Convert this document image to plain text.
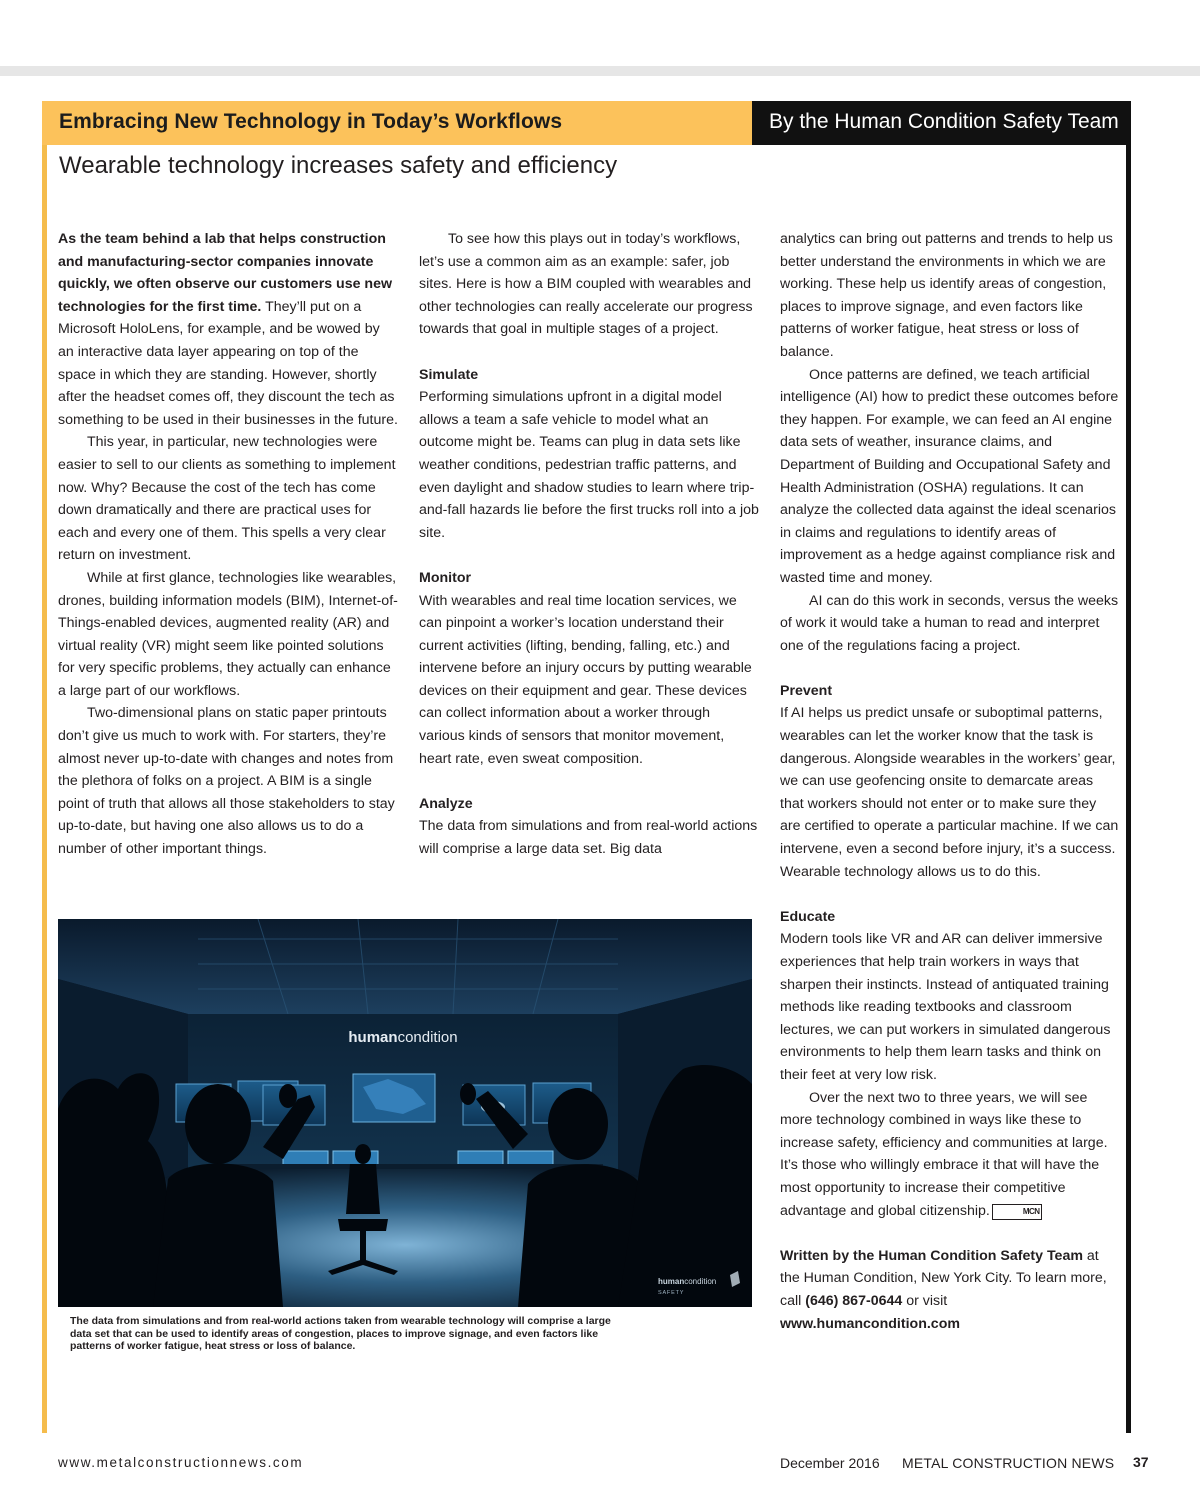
Embracing New Technology in Today’s Workflows	By the Human Condition Safety Team
Wearable technology increases safety and efficiency

As the team behind a lab that helps construction and manufacturing-sector companies innovate quickly, we often observe our customers use new technologies for the first time. They’ll put on a Microsoft HoloLens, for example, and be wowed by an interactive data layer appearing on top of the space in which they are standing. However, shortly after the headset comes off, they discount the tech as something to be used in their businesses in the future.

This year, in particular, new technologies were easier to sell to our clients as something to implement now. Why? Because the cost of the tech has come down dramatically and there are practical uses for each and every one of them. This spells a very clear return on investment.

While at first glance, technologies like wearables, drones, building information models (BIM), Internet-of-Things-enabled devices, augmented reality (AR) and virtual reality (VR) might seem like pointed solutions for very specific problems, they actually can enhance a large part of our workflows.

Two-dimensional plans on static paper printouts don’t give us much to work with. For starters, they’re almost never up-to-date with changes and notes from the plethora of folks on a project. A BIM is a single point of truth that allows all those stakeholders to stay up-to-date, but having one also allows us to do a number of other important things.

To see how this plays out in today’s workflows, let’s use a common aim as an example: safer, job sites. Here is how a BIM coupled with wearables and other technologies can really accelerate our progress towards that goal in multiple stages of a project.

Simulate

Performing simulations upfront in a digital model allows a team a safe vehicle to model what an outcome might be. Teams can plug in data sets like weather conditions, pedestrian traffic patterns, and even daylight and shadow studies to learn where trip-and-fall hazards lie before the first trucks roll into a job site.

Monitor

With wearables and real time location services, we can pinpoint a worker’s location understand their current activities (lifting, bending, falling, etc.) and intervene before an injury occurs by putting wearable devices on their equipment and gear. These devices can collect information about a worker through various kinds of sensors that monitor movement, heart rate, even sweat composition.

Analyze

The data from simulations and from real-world actions will comprise a large data set. Big data

analytics can bring out patterns and trends to help us better understand the environments in which we are working. These help us identify areas of congestion, places to improve signage, and even factors like patterns of worker fatigue, heat stress or loss of balance.

Once patterns are defined, we teach artificial intelligence (AI) how to predict these outcomes before they happen. For example, we can feed an AI engine data sets of weather, insurance claims, and Department of Building and Occupational Safety and Health Administration (OSHA) regulations. It can analyze the collected data against the ideal scenarios in claims and regulations to identify areas of improvement as a hedge against compliance risk and wasted time and money.

AI can do this work in seconds, versus the weeks of work it would take a human to read and interpret one of the regulations facing a project.

Prevent

If AI helps us predict unsafe or suboptimal patterns, wearables can let the worker know that the task is dangerous. Alongside wearables in the workers’ gear, we can use geofencing onsite to demarcate areas that workers should not enter or to make sure they are certified to operate a particular machine. If we can intervene, even a second before injury, it’s a success. Wearable technology allows us to do this.

Educate

Modern tools like VR and AR can deliver immersive experiences that help train workers in ways that sharpen their instincts. Instead of antiquated training methods like reading textbooks and classroom lectures, we can put workers in simulated dangerous environments to help them learn tasks and think on their feet at very low risk.

Over the next two to three years, we will see more technology combined in ways like these to increase safety, efficiency and communities at large. It’s those who willingly embrace it that will have the most opportunity to increase their competitive advantage and global citizenship.	MCN

Written by the Human Condition Safety Team at the Human Condition, New York City. To learn more, call (646) 867-0644 or visit www.humancondition.com

humancondition
humancondition
SAFETY
The data from simulations and from real-world actions taken from wearable technology will comprise a large data set that can be used to identify areas of congestion, places to improve signage, and even factors like patterns of worker fatigue, heat stress or loss of balance.
www.metalconstructionnews.com	December 2016 METAL CONSTRUCTION NEWS 37
